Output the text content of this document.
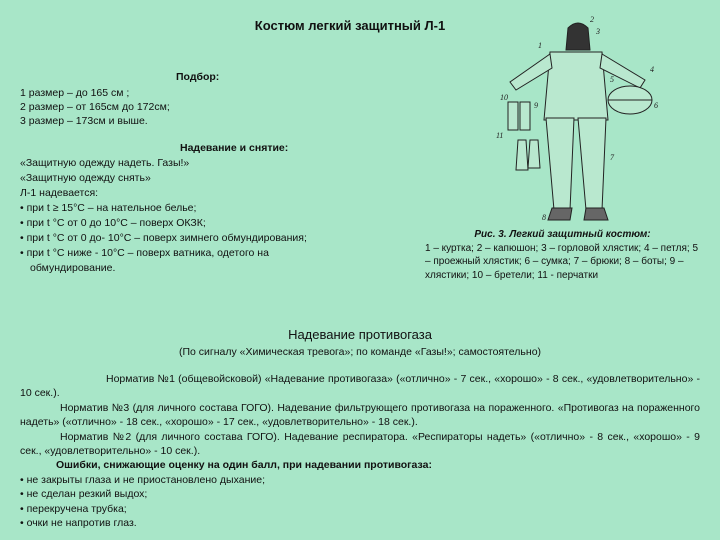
Костюм легкий защитный Л-1
Подбор:
1 размер – до 165 см ;
2 размер – от 165см до 172см;
3 размер – 173см и выше.
Надевание и снятие:
«Защитную одежду надеть. Газы!»
«Защитную одежду снять»
Л-1 надевается:
• при t ≥ 15°С – на нательное белье;
• при t °С от 0 до 10°С – поверх ОКЗК;
• при t °С от 0 до- 10°С – поверх зимнего обмундирования;
• при t °С ниже - 10°С – поверх ватника, одетого на
обмундирование.
2
3
1
4
5
6
7
8
9
10
11
Рис. 3. Легкий защитный костюм:
1 – куртка; 2 – капюшон; 3 – горловой хлястик; 4 – петля; 5 – проежный хлястик; 6 – сумка; 7 – брюки; 8 – боты; 9 – хлястики; 10 – бретели; 11 - перчатки
Надевание противогаза
(По сигналу «Химическая тревога»; по команде «Газы!»; самостоятельно)
Норматив №1 (общевойсковой) «Надевание противогаза» («отлично» - 7 сек., «хорошо» - 8 сек., «удовлетворительно» - 10 сек.).
Норматив №3 (для личного состава ГОГО). Надевание фильтрующего противогаза на пораженного. «Противогаз на пораженного надеть» («отлично» - 18 сек., «хорошо» - 17 сек., «удовлетворительно» - 18 сек.).
Норматив №2 (для личного состава ГОГО). Надевание респиратора. «Респираторы надеть» («отлично» - 8 сек., «хорошо» - 9 сек., «удовлетворительно» - 10 сек.).
Ошибки, снижающие оценку на один балл, при надевании противогаза:
• не закрыты глаза и не приостановлено дыхание;
• не сделан резкий выдох;
• перекручена трубка;
• очки не напротив глаз.
